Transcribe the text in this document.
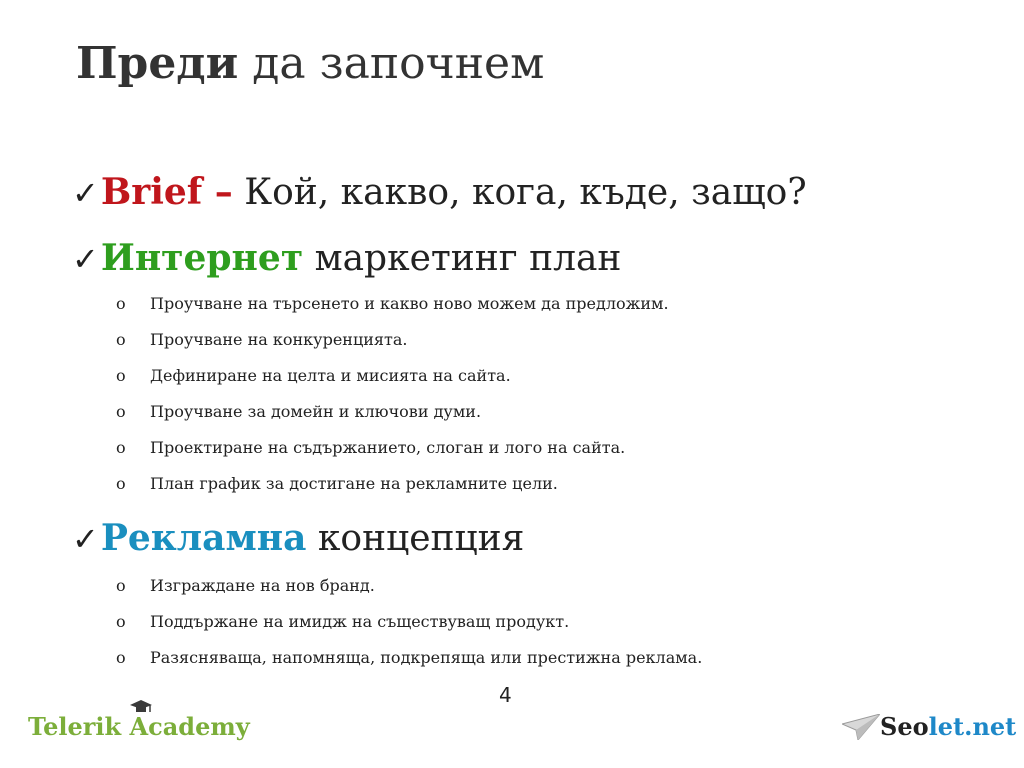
Преди да започнем
✓Brief – Кой, какво, кога, къде, защо?
✓Интернет маркетинг план
o Проучване на търсенето и какво ново можем да предложим.
o Проучване на конкуренцията.
o Дефиниране на целта и мисията на сайта.
o Проучване за домейн и ключови думи.
o Проектиране на съдържанието, слоган и лого на сайта.
o План график за достигане на рекламните цели.
✓Рекламна концепция
o Изграждане на нов бранд.
o Поддържане на имидж на съществуващ продукт.
o Разясняваща, напомняща, подкрепяща или престижна реклама.
4
Telerik
Academy	Seolet.net
